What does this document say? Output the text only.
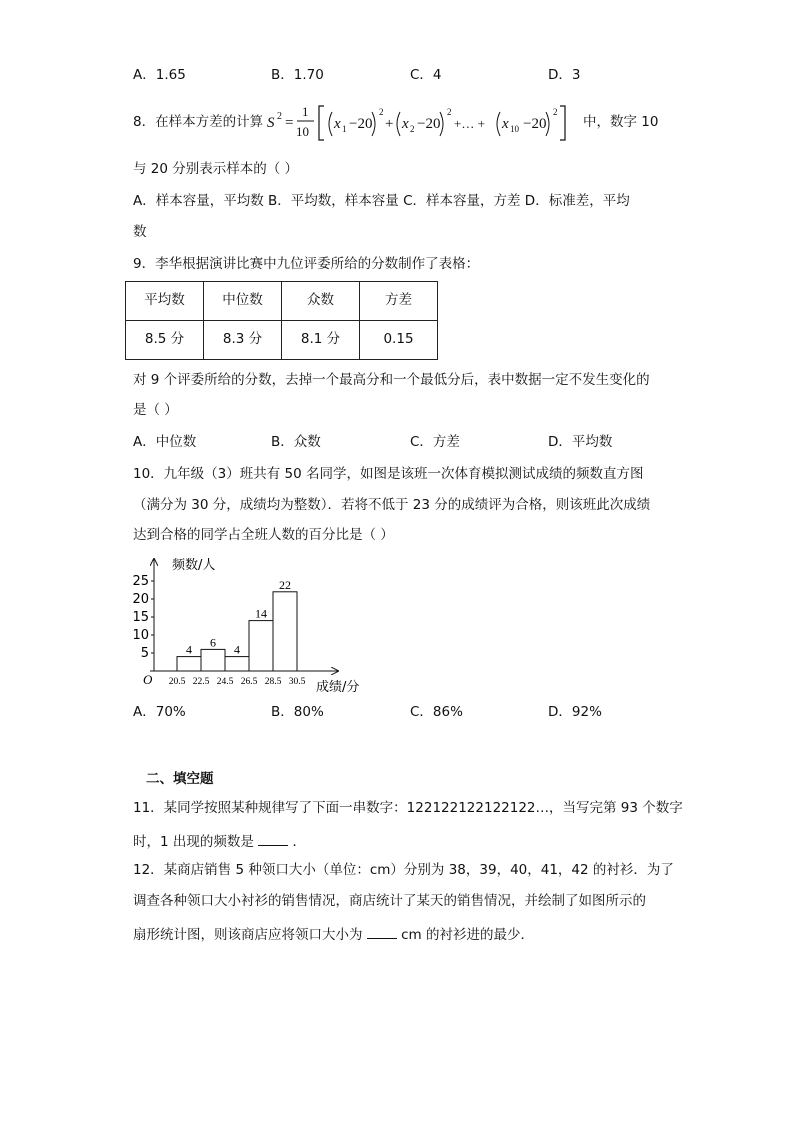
A．1.65	B．1.70	C．4	D．3
8．在样本方差的计算 S 2 =
1
10 x 1 −20
2
+ x 2 −20
2
+… + x 10 −20
2
中，数字 10
与 20 分别表示样本的（ ）
A．样本容量，平均数 B．平均数，样本容量 C．样本容量，方差 D．标准差，平均
数
9．李华根据演讲比赛中九位评委所给的分数制作了表格：
平均数	中位数	众数	方差
8.5 分	8.3 分	8.1 分	0.15
对 9 个评委所给的分数，去掉一个最高分和一个最低分后，表中数据一定不发生变化的
是（ ）
A．中位数	B．众数	C．方差	D．平均数
10．九年级（3）班共有 50 名同学，如图是该班一次体育模拟测试成绩的频数直方图
（满分为 30 分，成绩均为整数）．若将不低于 23 分的成绩评为合格，则该班此次成绩
达到合格的同学占全班人数的百分比是（ ）
5
10
15
20
25
4
6
4
14
22
20.5 22.5 24.5 26.5 28.5 30.5
频数/人
O
成绩/分
A．70%	B．80%	C．86%	D．92%
二、填空题
11．某同学按照某种规律写了下面一串数字：122122122122122…，当写完第 93 个数字
时，1 出现的频数是	．
12．某商店销售 5 种领口大小（单位：cm）分别为 38，39，40，41，42 的衬衫．为了
调查各种领口大小衬衫的销售情况，商店统计了某天的销售情况，并绘制了如图所示的
扇形统计图，则该商店应将领口大小为	cm 的衬衫进的最少．
